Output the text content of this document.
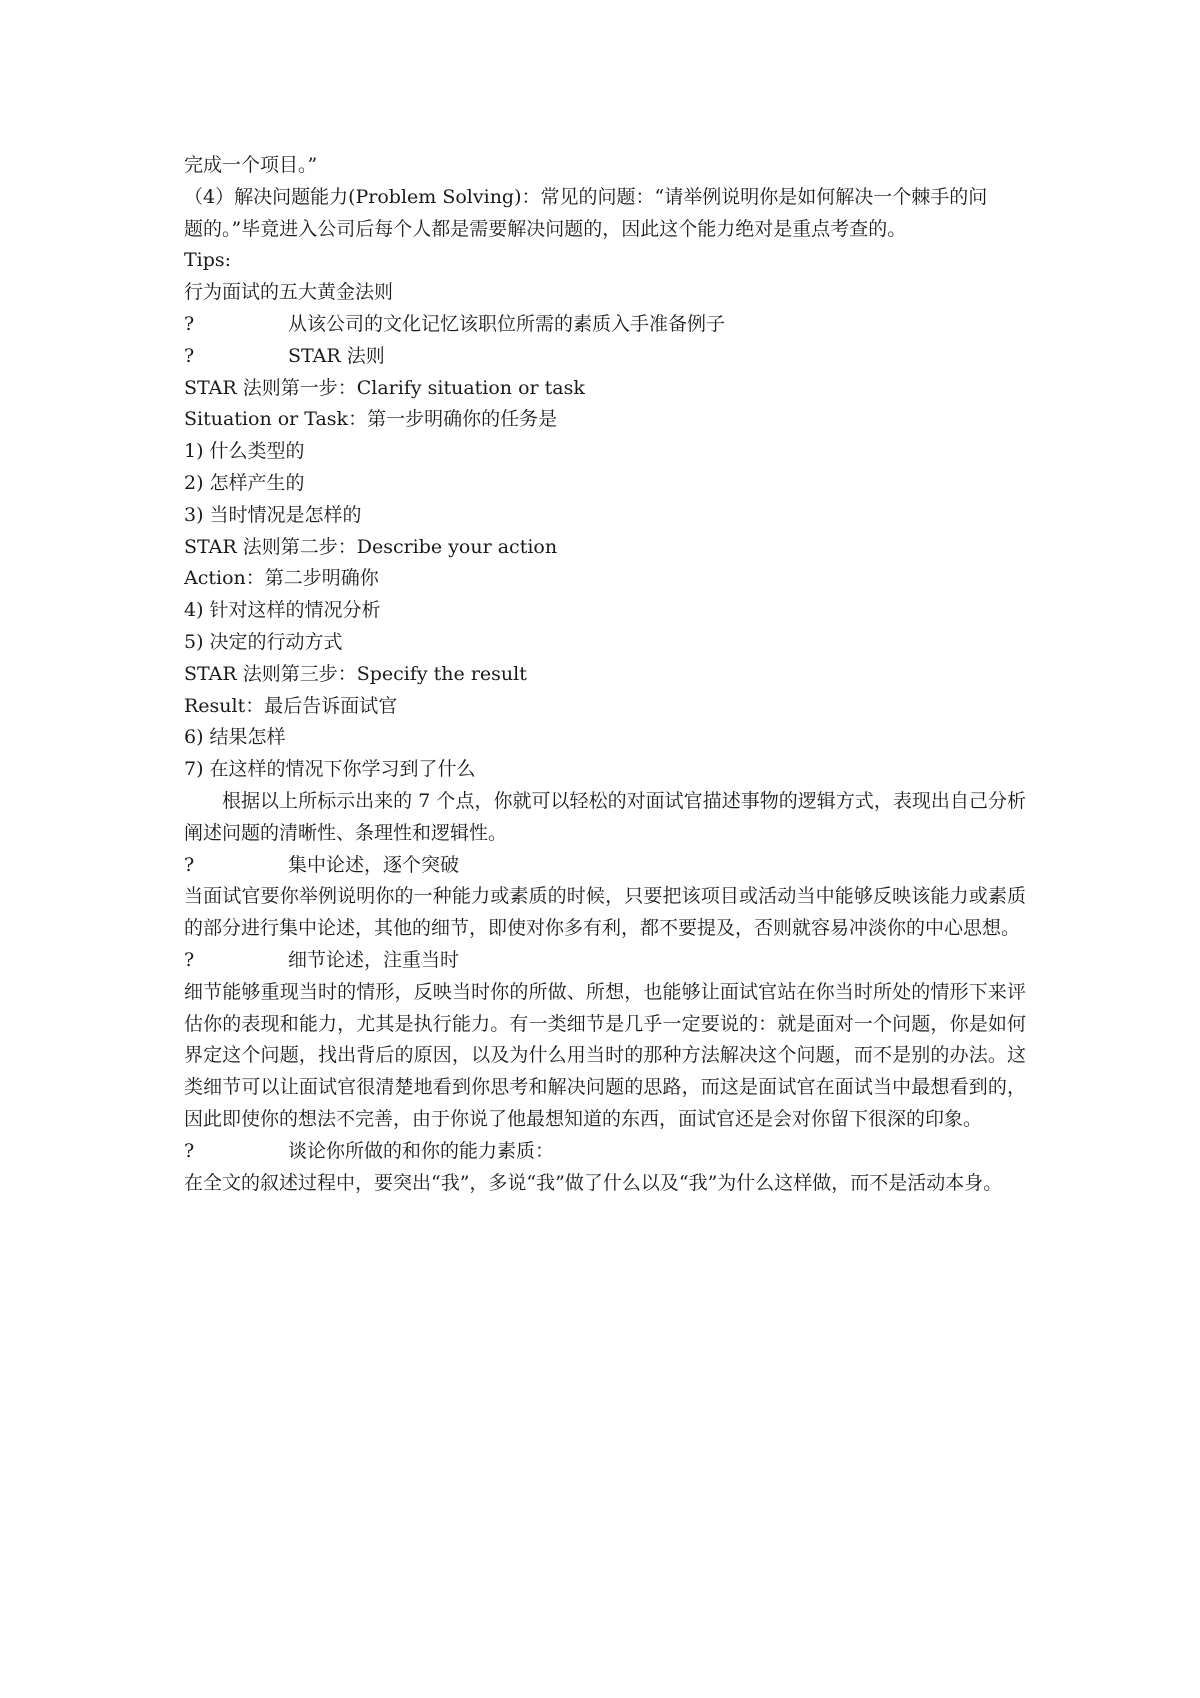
完成一个项目。”
（4）解决问题能力(Problem Solving)：常见的问题：“请举例说明你是如何解决一个棘手的问
题的。”毕竟进入公司后每个人都是需要解决问题的，因此这个能力绝对是重点考查的。
Tips:
行为面试的五大黄金法则
?	从该公司的文化记忆该职位所需的素质入手准备例子
?	STAR 法则
STAR 法则第一步：Clarify situation or task
Situation or Task：第一步明确你的任务是
1) 什么类型的
2) 怎样产生的
3) 当时情况是怎样的
STAR 法则第二步：Describe your action
Action：第二步明确你
4) 针对这样的情况分析
5) 决定的行动方式
STAR 法则第三步：Specify the result
Result：最后告诉面试官
6) 结果怎样
7) 在这样的情况下你学习到了什么
根据以上所标示出来的 7 个点，你就可以轻松的对面试官描述事物的逻辑方式，表现出自己分析阐述问题的清晰性、条理性和逻辑性。
?	集中论述，逐个突破
当面试官要你举例说明你的一种能力或素质的时候，只要把该项目或活动当中能够反映该能力或素质的部分进行集中论述，其他的细节，即使对你多有利，都不要提及，否则就容易冲淡你的中心思想。
?	细节论述，注重当时
细节能够重现当时的情形，反映当时你的所做、所想，也能够让面试官站在你当时所处的情形下来评估你的表现和能力，尤其是执行能力。有一类细节是几乎一定要说的：就是面对一个问题，你是如何界定这个问题，找出背后的原因，以及为什么用当时的那种方法解决这个问题，而不是别的办法。这类细节可以让面试官很清楚地看到你思考和解决问题的思路，而这是面试官在面试当中最想看到的，因此即使你的想法不完善，由于你说了他最想知道的东西，面试官还是会对你留下很深的印象。
?	谈论你所做的和你的能力素质：
在全文的叙述过程中，要突出“我”，多说“我”做了什么以及“我”为什么这样做，而不是活动本身。
